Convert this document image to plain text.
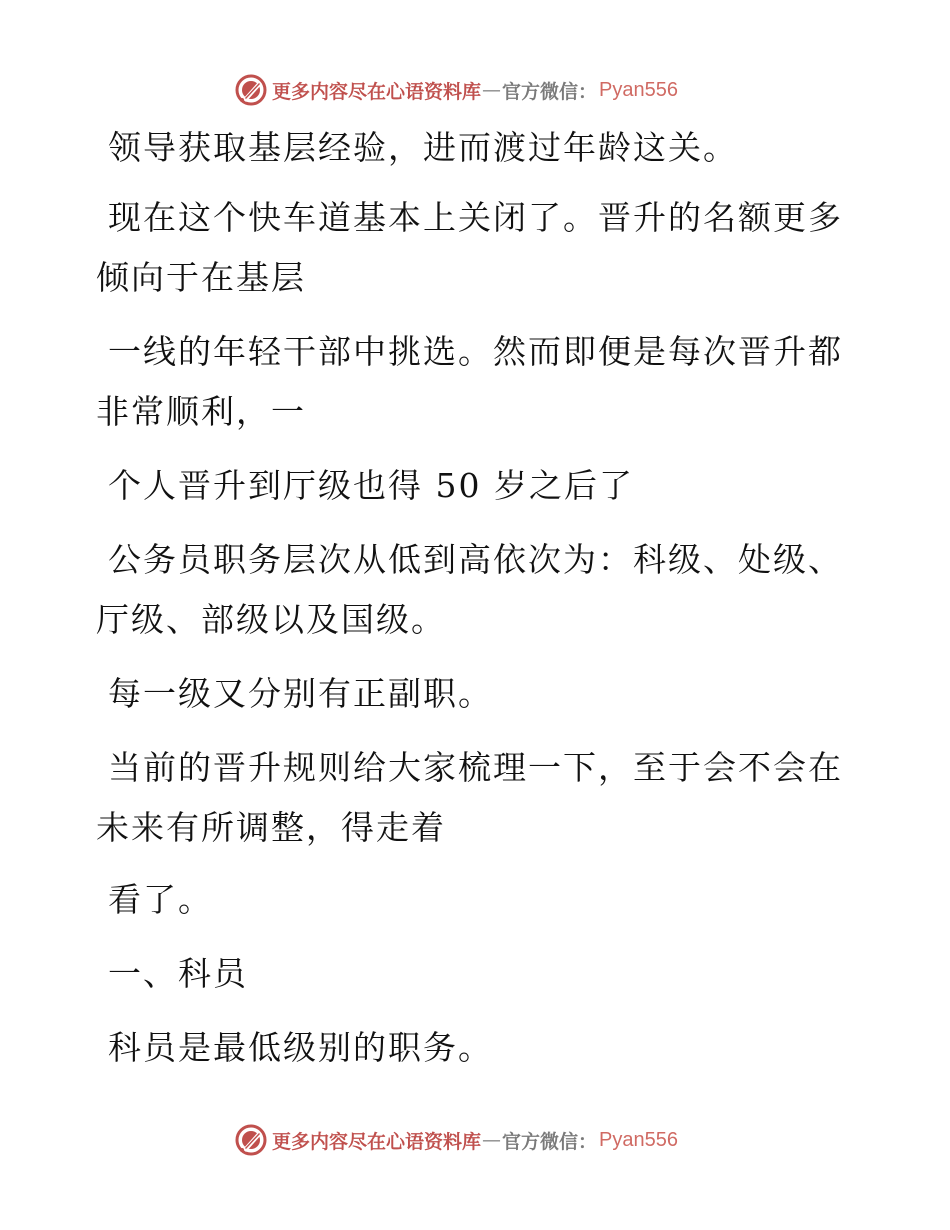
更多内容尽在心语资料库 — 官方微信： Pyan556
领导获取基层经验，进而渡过年龄这关。
现在这个快车道基本上关闭了。晋升的名额更多
倾向于在基层
一线的年轻干部中挑选。然而即便是每次晋升都
非常顺利，一
个人晋升到厅级也得 50 岁之后了
公务员职务层次从低到高依次为：科级、处级、
厅级、部级以及国级。
每一级又分别有正副职。
当前的晋升规则给大家梳理一下，至于会不会在
未来有所调整，得走着
看了。
一、科员
科员是最低级别的职务。
更多内容尽在心语资料库 — 官方微信： Pyan556
